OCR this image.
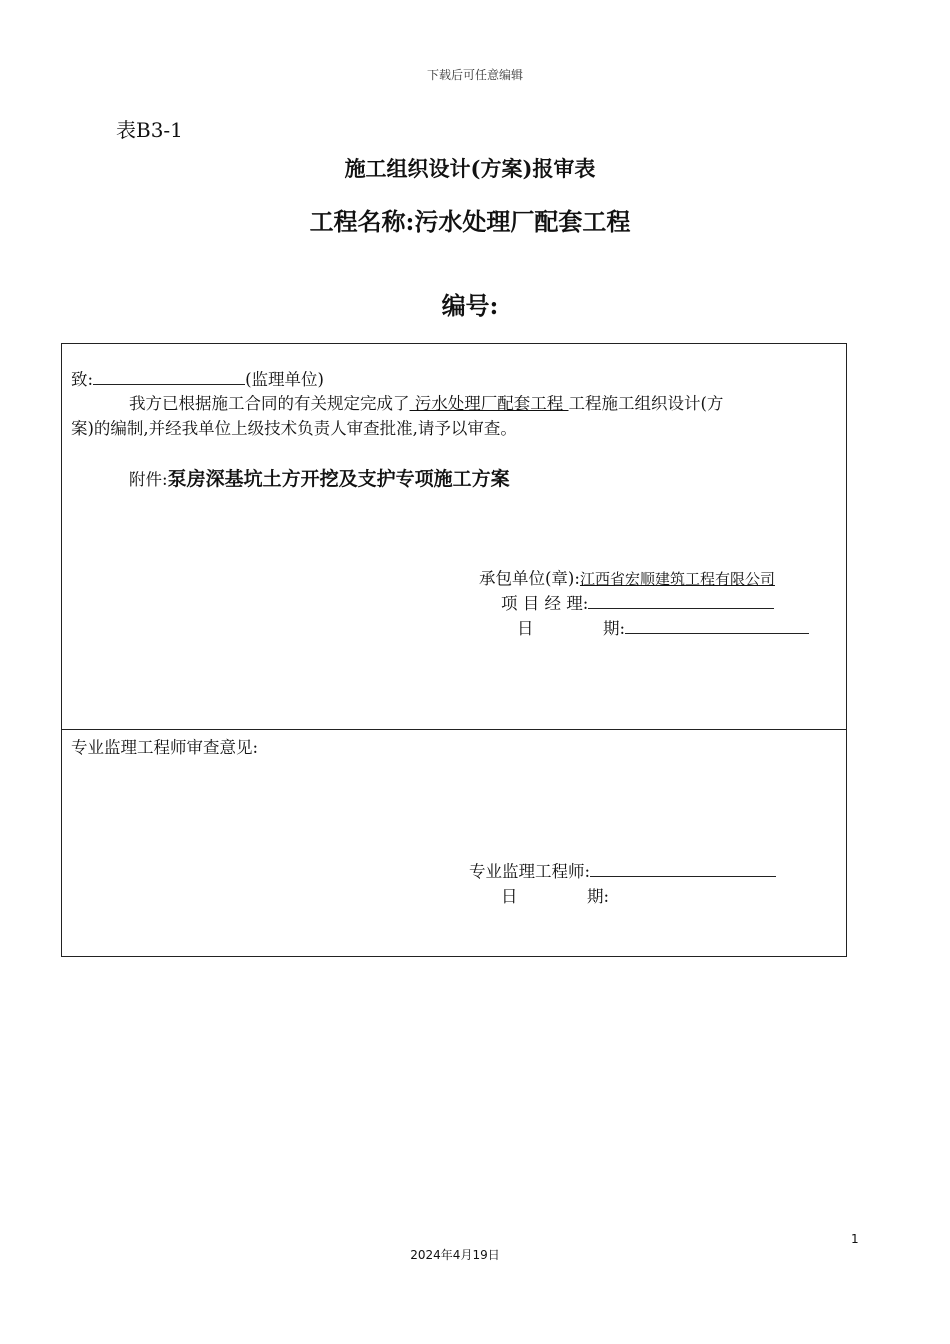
下载后可任意编辑
表B3-1
施工组织设计(方案)报审表
工程名称:污水处理厂配套工程
编号:
致:	(监理单位)
我方已根据施工合同的有关规定完成了 污水处理厂配套工程 工程施工组织设计(方
案)的编制,并经我单位上级技术负责人审查批准,请予以审查。
附件:泵房深基坑土方开挖及支护专项施工方案
承包单位(章):江西省宏顺建筑工程有限公司
项 目 经 理:
日	期:
专业监理工程师审查意见:
专业监理工程师:
日	期:
1
2024年4月19日
